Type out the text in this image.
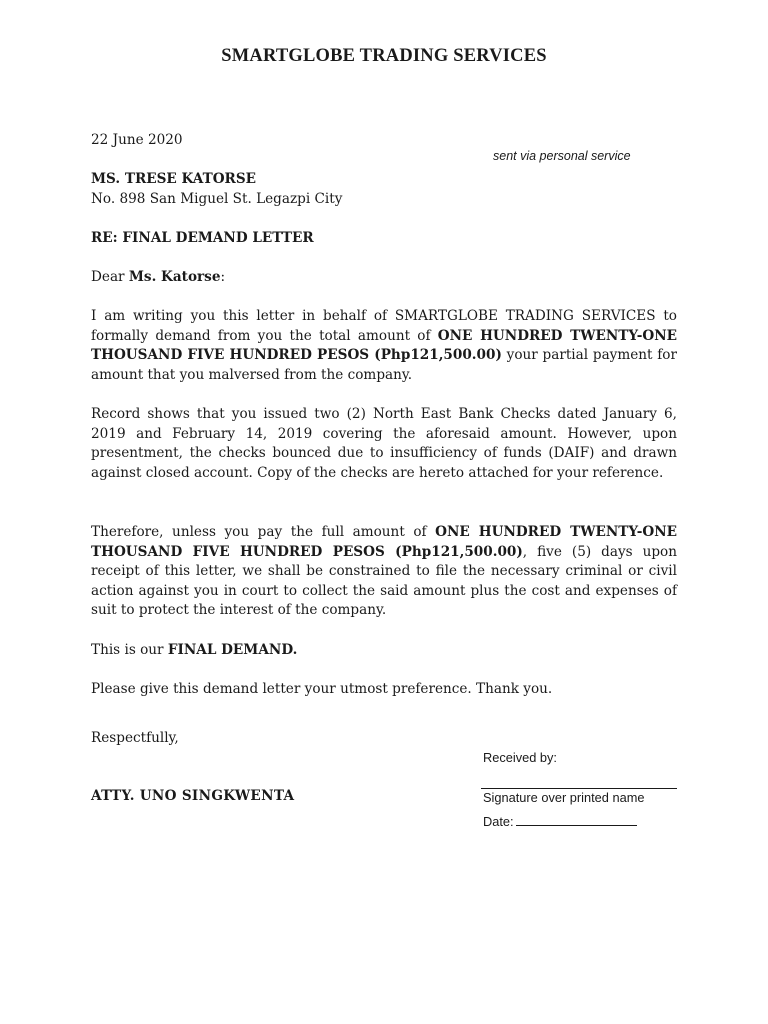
SMARTGLOBE TRADING SERVICES
22 June 2020
sent via personal service
MS. TRESE KATORSE
No. 898 San Miguel St. Legazpi City
RE: FINAL DEMAND LETTER
Dear Ms. Katorse:
I am writing you this letter in behalf of SMARTGLOBE TRADING SERVICES to formally demand from you the total amount of ONE HUNDRED TWENTY-ONE THOUSAND FIVE HUNDRED PESOS (Php121,500.00) your partial payment for amount that you malversed from the company.
Record shows that you issued two (2) North East Bank Checks dated January 6, 2019 and February 14, 2019 covering the aforesaid amount. However, upon presentment, the checks bounced due to insufficiency of funds (DAIF) and drawn against closed account. Copy of the checks are hereto attached for your reference.
Therefore, unless you pay the full amount of ONE HUNDRED TWENTY-ONE THOUSAND FIVE HUNDRED PESOS (Php121,500.00), five (5) days upon receipt of this letter, we shall be constrained to file the necessary criminal or civil action against you in court to collect the said amount plus the cost and expenses of suit to protect the interest of the company.
This is our FINAL DEMAND.
Please give this demand letter your utmost preference. Thank you.
Respectfully,
ATTY. UNO SINGKWENTA
Received by:
Signature over printed name
Date:
